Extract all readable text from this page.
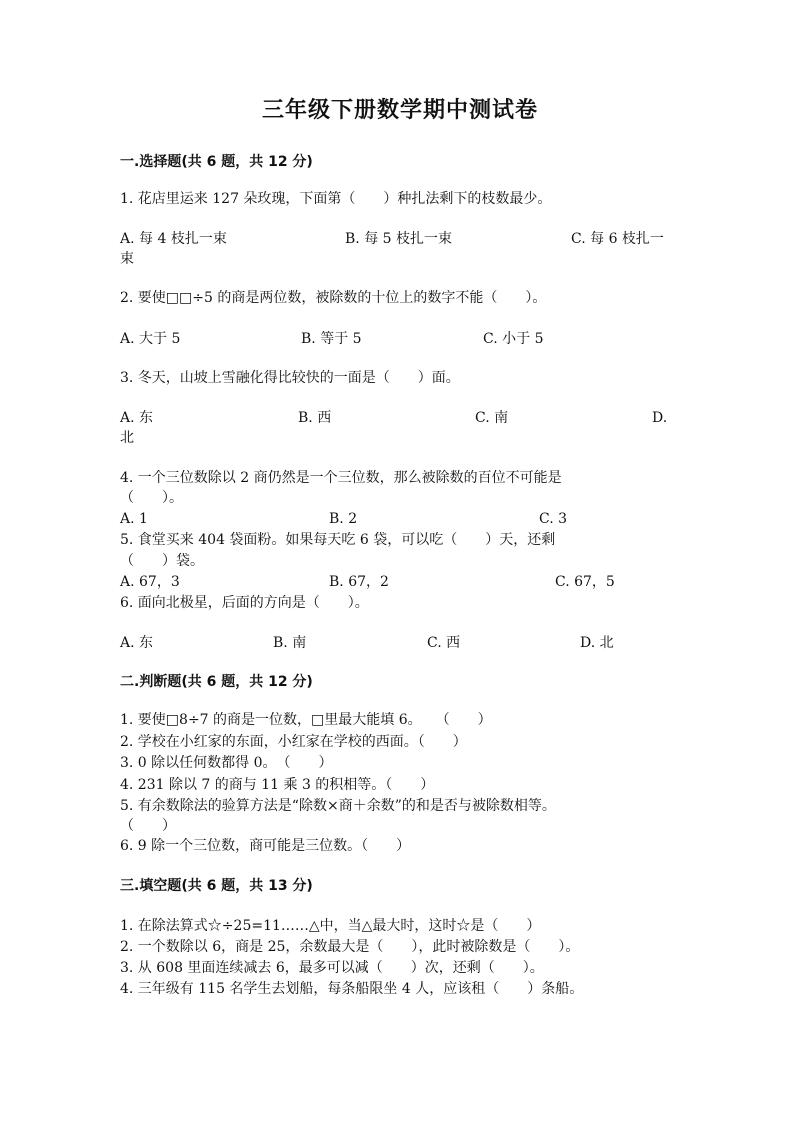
三年级下册数学期中测试卷
一.选择题(共 6 题，共 12 分)
1. 花店里运来 127 朵玫瑰，下面第（　　）种扎法剩下的枝数最少。
A. 每 4 枝扎一束	B. 每 5 枝扎一束	C. 每 6 枝扎一
束
2. 要使□□÷5 的商是两位数，被除数的十位上的数字不能（　　）。
A. 大于 5	B. 等于 5	C. 小于 5
3. 冬天，山坡上雪融化得比较快的一面是（　　）面。
A. 东	B. 西	C. 南	D.
北
4. 一个三位数除以 2 商仍然是一个三位数，那么被除数的百位不可能是
（　　）。
A. 1	B. 2	C. 3
5. 食堂买来 404 袋面粉。如果每天吃 6 袋，可以吃（　　）天，还剩
（　　）袋。
A. 67，3	B. 67，2	C. 67，5
6. 面向北极星，后面的方向是（　　）。
A. 东	B. 南	C. 西	D. 北
二.判断题(共 6 题，共 12 分)
1. 要使□8÷7 的商是一位数，□里最大能填 6。　　（　　）
2. 学校在小红家的东面，小红家在学校的西面。（　　）
3. 0 除以任何数都得 0。　（　　）
4. 231 除以 7 的商与 11 乘 3 的积相等。（　　）
5. 有余数除法的验算方法是“除数×商＋余数”的和是否与被除数相等。
（　　）
6. 9 除一个三位数，商可能是三位数。（　　）
三.填空题(共 6 题，共 13 分)
1. 在除法算式☆÷25=11……△中，当△最大时，这时☆是（　　）
2. 一个数除以 6，商是 25，余数最大是（　　），此时被除数是（　　）。
3. 从 608 里面连续减去 6，最多可以减（　　）次，还剩（　　）。
4. 三年级有 115 名学生去划船，每条船限坐 4 人，应该租（　　）条船。
